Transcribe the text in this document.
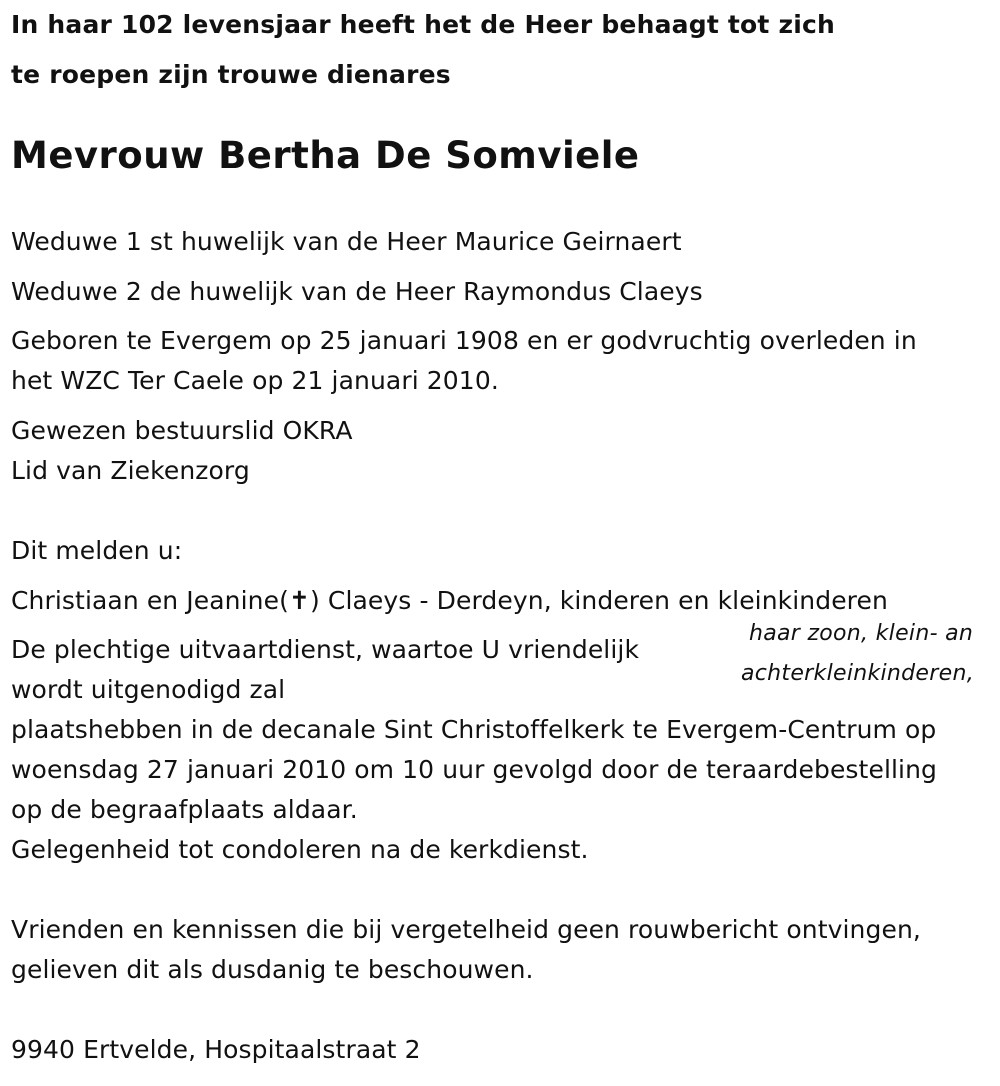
In haar 102 levensjaar heeft het de Heer behaagt tot zich
te roepen zijn trouwe dienares
Mevrouw Bertha De Somviele
Weduwe 1 st huwelijk van de Heer Maurice Geirnaert
Weduwe 2 de huwelijk van de Heer Raymondus Claeys
Geboren te Evergem op 25 januari 1908 en er godvruchtig overleden in
het WZC Ter Caele op 21 januari 2010.
Gewezen bestuurslid OKRA
Lid van Ziekenzorg
Dit melden u:
Christiaan en Jeanine(✝) Claeys - Derdeyn, kinderen en kleinkinderen
haar zoon, klein- an
achterkleinkinderen,
De plechtige uitvaartdienst, waartoe U vriendelijk
wordt uitgenodigd zal
plaatshebben in de decanale Sint Christoffelkerk te Evergem-Centrum op
woensdag 27 januari 2010 om 10 uur gevolgd door de teraardebestelling
op de begraafplaats aldaar.
Gelegenheid tot condoleren na de kerkdienst.
Vrienden en kennissen die bij vergetelheid geen rouwbericht ontvingen,
gelieven dit als dusdanig te beschouwen.
9940 Ertvelde, Hospitaalstraat 2
